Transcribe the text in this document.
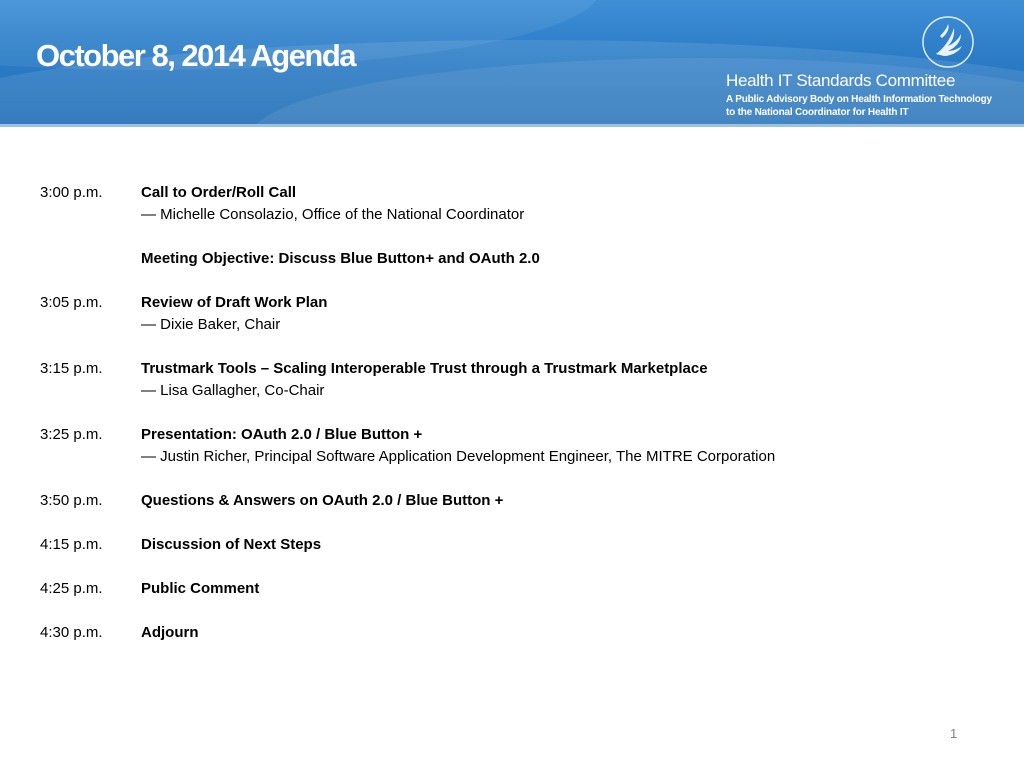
October 8, 2014 Agenda
Health IT Standards Committee
A Public Advisory Body on Health Information Technology
to the National Coordinator for Health IT
3:00 p.m.	Call to Order/Roll Call
— Michelle Consolazio, Office of the National Coordinator
Meeting Objective: Discuss Blue Button+ and OAuth 2.0
3:05 p.m.	Review of Draft Work Plan
— Dixie Baker, Chair
3:15 p.m.	Trustmark Tools – Scaling Interoperable Trust through a Trustmark Marketplace
— Lisa Gallagher, Co-Chair
3:25 p.m.	Presentation: OAuth 2.0 / Blue Button +
— Justin Richer, Principal Software Application Development Engineer, The MITRE Corporation
3:50 p.m.	Questions & Answers on OAuth 2.0 / Blue Button +
4:15 p.m.	Discussion of Next Steps
4:25 p.m.	Public Comment
4:30 p.m.	Adjourn
1
